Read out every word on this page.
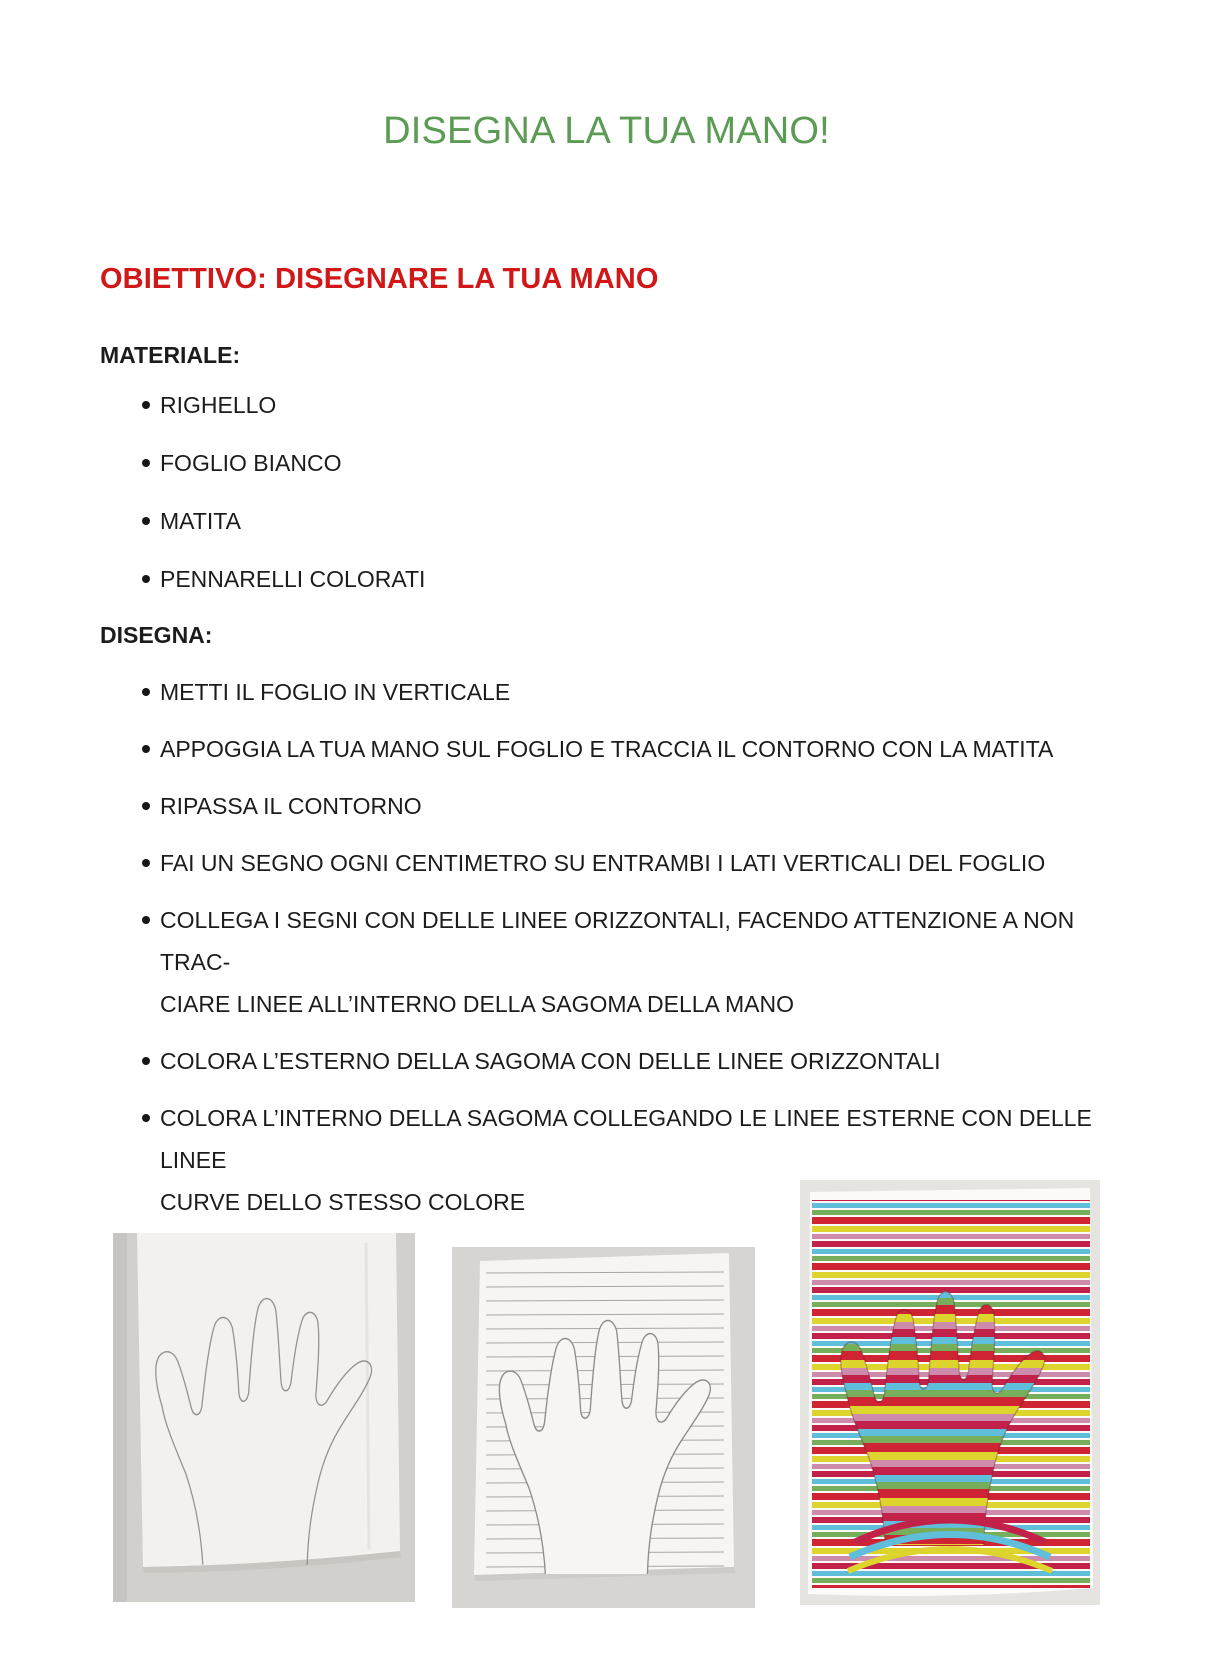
DISEGNA LA TUA MANO!
OBIETTIVO: DISEGNARE LA TUA MANO
MATERIALE:
RIGHELLO
FOGLIO BIANCO
MATITA
PENNARELLI COLORATI
DISEGNA:
METTI IL FOGLIO IN VERTICALE
APPOGGIA LA TUA MANO SUL FOGLIO E TRACCIA IL CONTORNO CON LA MATITA
RIPASSA IL CONTORNO
FAI UN SEGNO OGNI CENTIMETRO SU ENTRAMBI I LATI VERTICALI DEL FOGLIO
COLLEGA I SEGNI CON DELLE LINEE ORIZZONTALI, FACENDO ATTENZIONE A NON TRAC-
CIARE LINEE ALL’INTERNO DELLA SAGOMA DELLA MANO
COLORA L’ESTERNO DELLA SAGOMA CON DELLE LINEE ORIZZONTALI
COLORA L’INTERNO DELLA SAGOMA COLLEGANDO LE LINEE ESTERNE CON DELLE LINEE
CURVE DELLO STESSO COLORE
